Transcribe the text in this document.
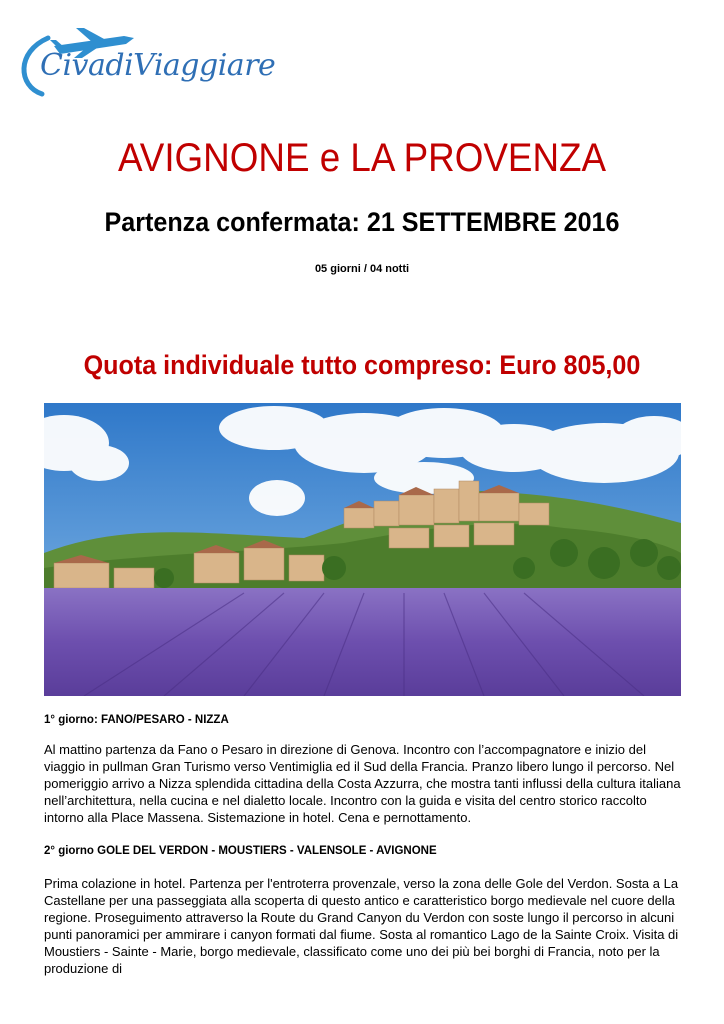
CivadiViaggiare
AVIGNONE e LA PROVENZA
Partenza confermata: 21 SETTEMBRE 2016
05 giorni / 04 notti
Quota individuale tutto compreso: Euro 805,00
1° giorno: FANO/PESARO - NIZZA
Al mattino partenza da Fano o Pesaro in direzione di Genova. Incontro con l’accompagnatore e inizio del viaggio in pullman Gran Turismo verso Ventimiglia ed il Sud della Francia. Pranzo libero lungo il percorso. Nel pomeriggio arrivo a Nizza splendida cittadina della Costa Azzurra, che mostra tanti influssi della cultura italiana nell’architettura, nella cucina e nel dialetto locale. Incontro con la guida e visita del centro storico raccolto intorno alla Place Massena. Sistemazione in hotel. Cena e pernottamento.
2° giorno GOLE DEL VERDON - MOUSTIERS - VALENSOLE - AVIGNONE
Prima colazione in hotel. Partenza per l'entroterra provenzale, verso la zona delle Gole del Verdon. Sosta a La Castellane per una passeggiata alla scoperta di questo antico e caratteristico borgo medievale nel cuore della regione. Proseguimento attraverso la Route du Grand Canyon du Verdon con soste lungo il percorso in alcuni punti panoramici per ammirare i canyon formati dal fiume. Sosta al romantico Lago de la Sainte Croix. Visita di Moustiers - Sainte - Marie, borgo medievale, classificato come uno dei più bei borghi di Francia, noto per la produzione di
